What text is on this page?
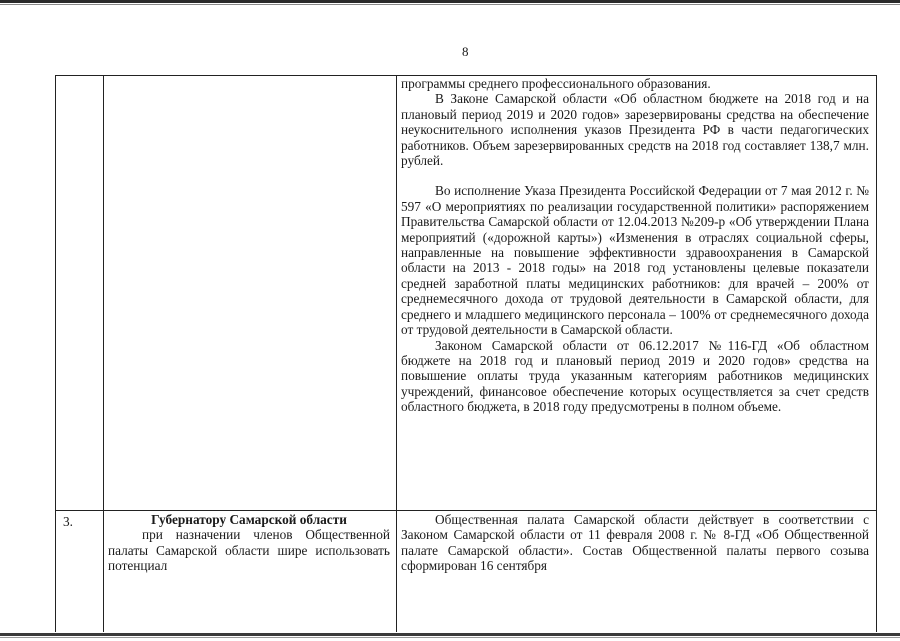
8

программы среднего профессионального образования.

В Законе Самарской области «Об областном бюджете на 2018 год и на плановый период 2019 и 2020 годов» зарезервированы средства на обеспечение неукоснительного исполнения указов Президента РФ в части педагогических работников. Объем зарезервированных средств на 2018 год составляет 138,7 млн. рублей.

Во исполнение Указа Президента Российской Федерации от 7 мая 2012 г. № 597 «О мероприятиях по реализации государственной политики» распоряжением Правительства Самарской области от 12.04.2013 №209-р «Об утверждении Плана мероприятий («дорожной карты») «Изменения в отраслях социальной сферы, направленные на повышение эффективности здравоохранения в Самарской области на 2013 - 2018 годы» на 2018 год установлены целевые показатели средней заработной платы медицинских работников: для врачей – 200% от среднемесячного дохода от трудовой деятельности в Самарской области, для среднего и младшего медицинского персонала – 100% от среднемесячного дохода от трудовой деятельности в Самарской области.

Законом Самарской области от 06.12.2017 №116-ГД «Об областном бюджете на 2018 год и плановый период 2019 и 2020 годов» средства на повышение оплаты труда указанным категориям работников медицинских учреждений, финансовое обеспечение которых осуществляется за счет средств областного бюджета, в 2018 году предусмотрены в полном объеме.

3.	Губернатору Самарской области

при назначении членов Общественной палаты Самарской области шире использовать потенциал

Общественная палата Самарской области действует в соответствии с Законом Самарской области от 11 февраля 2008 г. № 8-ГД «Об Общественной палате Самарской области». Состав Общественной палаты первого созыва сформирован 16 сентября
